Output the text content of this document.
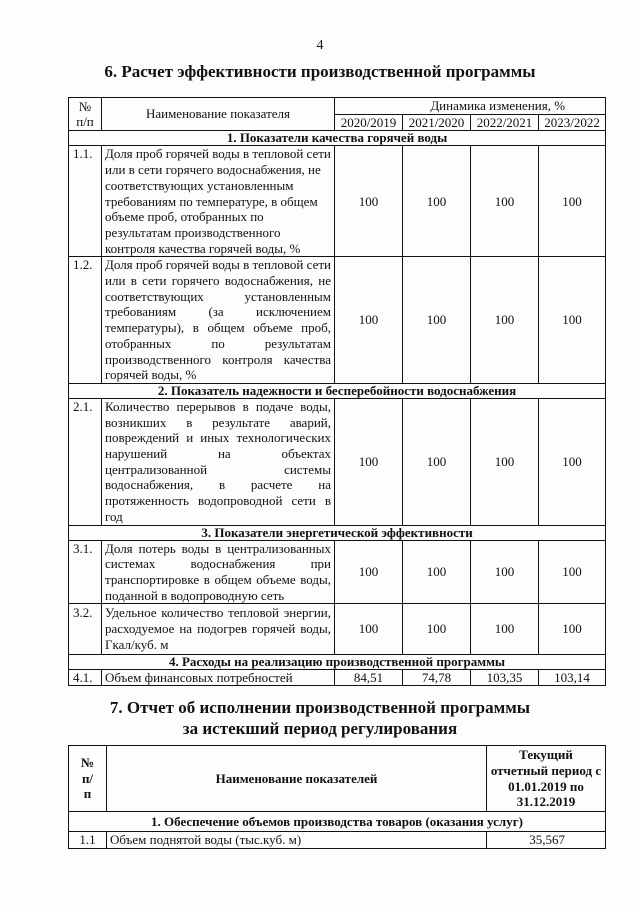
4
6. Расчет эффективности производственной программы
№ п/п	Наименование показателя	Динамика изменения, %			
		2020/2019	2021/2020	2022/2021	2023/2022
1. Показатели качества горячей воды					
1.1.	Доля проб горячей воды в тепловой сети или в сети горячего водоснабжения, не соответствующих установленным требованиям по температуре, в общем объеме проб, отобранных по результатам производственного контроля качества горячей воды, %	100	100	100	100
1.2.	Доля проб горячей воды в тепловой сети или в сети горячего водоснабжения, не соответствующих установленным требованиям (за исключением температуры), в общем объеме проб, отобранных по результатам производственного контроля качества горячей воды, %	100	100	100	100
2. Показатель надежности и бесперебойности водоснабжения					
2.1.	Количество перерывов в подаче воды, возникших в результате аварий, повреждений и иных технологических нарушений на объектах централизованной системы водоснабжения, в расчете на протяженность водопроводной сети в год	100	100	100	100
3. Показатели энергетической эффективности					
3.1.	Доля потерь воды в централизованных системах водоснабжения при транспортировке в общем объеме воды, поданной в водопроводную сеть	100	100	100	100
3.2.	Удельное количество тепловой энергии, расходуемое на подогрев горячей воды, Гкал/куб. м	100	100	100	100
4. Расходы на реализацию производственной программы					
4.1.	Объем финансовых потребностей	84,51	74,78	103,35	103,14
7. Отчет об исполнении производственной программы
за истекший период регулирования
№ п/п	Наименование показателей	Текущий отчетный период с 01.01.2019 по 31.12.2019
1. Обеспечение объемов производства товаров (оказания услуг)		
1.1	Объем поднятой воды (тыс.куб. м)	35,567
